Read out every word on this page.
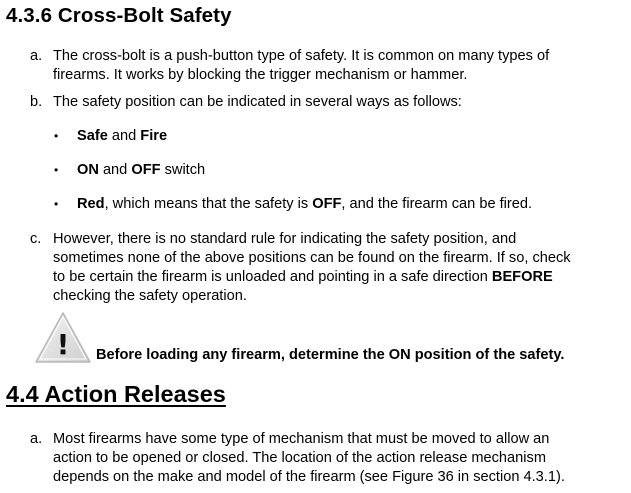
4.3.6 Cross-Bolt Safety
a. The cross-bolt is a push-button type of safety. It is common on many types of
firearms. It works by blocking the trigger mechanism or hammer.
b. The safety position can be indicated in several ways as follows:
• Safe and Fire
• ON and OFF switch
• Red, which means that the safety is OFF, and the firearm can be fired.
c. However, there is no standard rule for indicating the safety position, and
sometimes none of the above positions can be found on the firearm. If so, check
to be certain the firearm is unloaded and pointing in a safe direction BEFORE
checking the safety operation.
! Before loading any firearm, determine the ON position of the safety.
4.4 Action Releases
a. Most firearms have some type of mechanism that must be moved to allow an
action to be opened or closed. The location of the action release mechanism
depends on the make and model of the firearm (see Figure 36 in section 4.3.1).
